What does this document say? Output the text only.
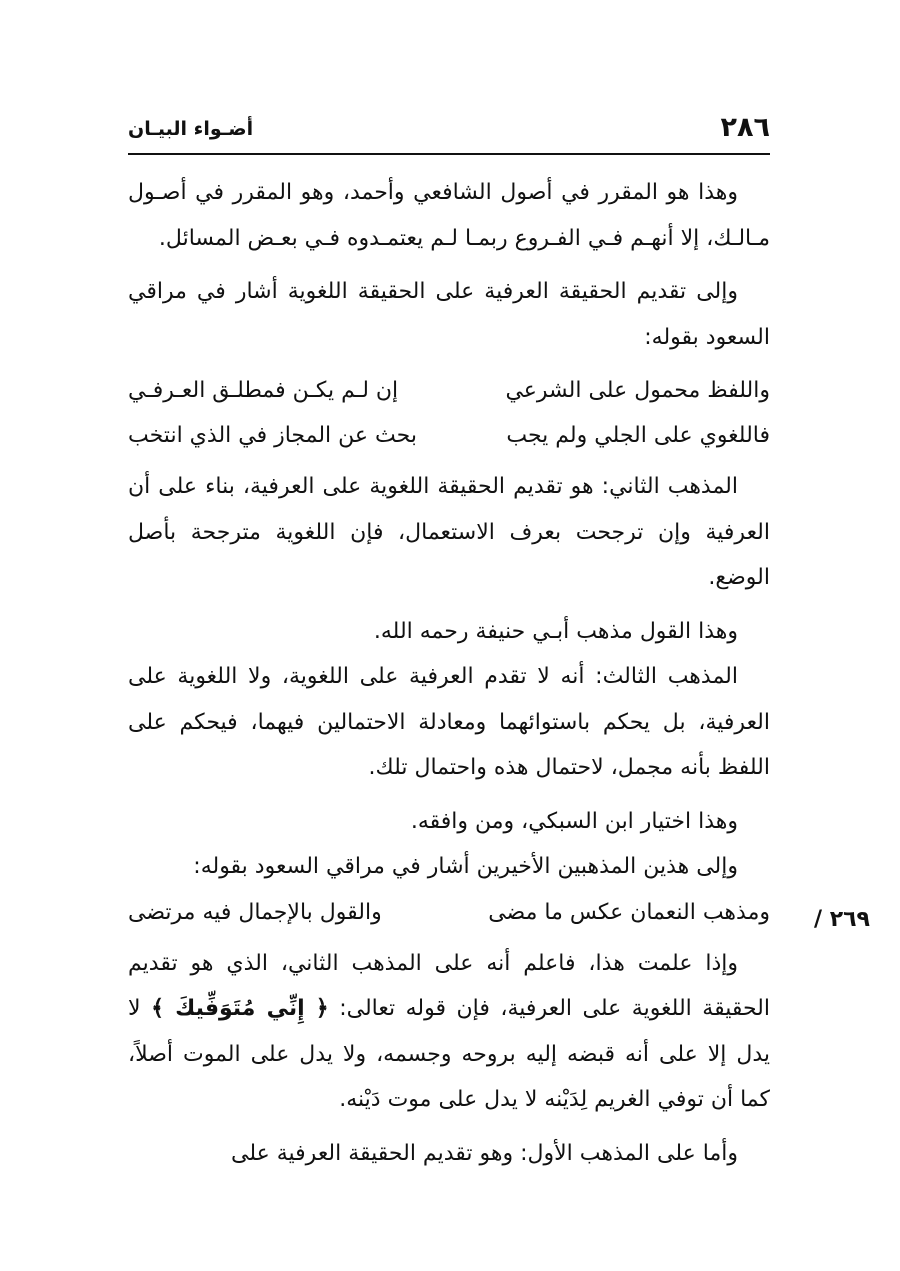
٢٨٦
أضـواء البيـان

وهذا هو المقرر في أصول الشافعي وأحمد، وهو المقرر في أصـول مـالـك، إلا أنهـم فـي الفـروع ربمـا لـم يعتمـدوه فـي بعـض المسائل.

وإلى تقديم الحقيقة العرفية على الحقيقة اللغوية أشار في مراقي السعود بقوله:

واللفظ محمول على الشرعي
إن لـم يكـن فمطلـق العـرفـي
فاللغوي على الجلي ولم يجب
بحث عن المجاز في الذي انتخب

المذهب الثاني: هو تقديم الحقيقة اللغوية على العرفية، بناء على أن العرفية وإن ترجحت بعرف الاستعمال، فإن اللغوية مترجحة بأصل الوضع.

وهذا القول مذهب أبـي حنيفة رحمه الله.

المذهب الثالث: أنه لا تقدم العرفية على اللغوية، ولا اللغوية على العرفية، بل يحكم باستوائهما ومعادلة الاحتمالين فيهما، فيحكم على اللفظ بأنه مجمل، لاحتمال هذه واحتمال تلك.

وهذا اختيار ابن السبكي، ومن وافقه.

وإلى هذين المذهبين الأخيرين أشار في مراقي السعود بقوله:

ومذهب النعمان عكس ما مضى
والقول بالإجمال فيه مرتضى

وإذا علمت هذا، فاعلم أنه على المذهب الثاني، الذي هو تقديم الحقيقة اللغوية على العرفية، فإن قوله تعالى: ﴿ إِنِّي مُتَوَفِّيكَ ﴾ لا يدل إلا على أنه قبضه إليه بروحه وجسمه، ولا يدل على الموت أصلاً، كما أن توفي الغريم لِدَيْنه لا يدل على موت دَيْنه.

وأما على المذهب الأول: وهو تقديم الحقيقة العرفية على

٢٦٩ /
